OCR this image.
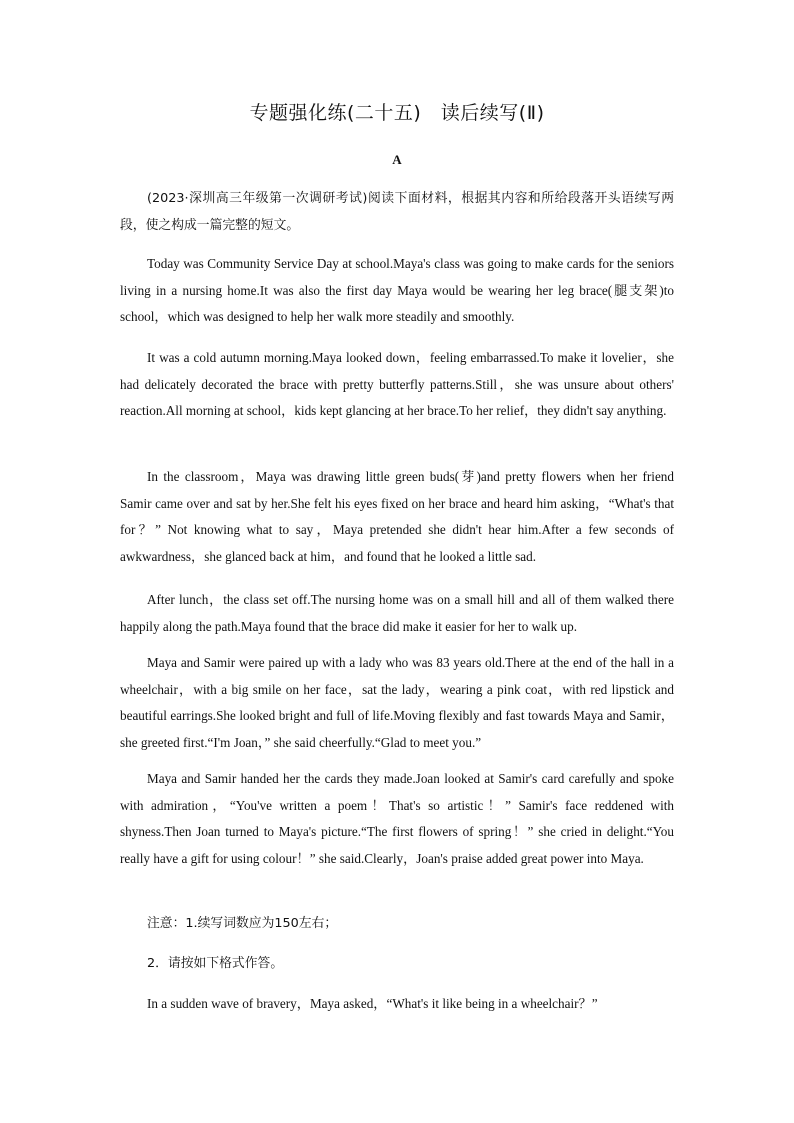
专题强化练(二十五)　读后续写(Ⅱ)
A

(2023·深圳高三年级第一次调研考试)阅读下面材料，根据其内容和所给段落开头语续写两段，使之构成一篇完整的短文。

Today was Community Service Day at school.Maya's class was going to make cards for the seniors living in a nursing home.It was also the first day Maya would be wearing her leg brace(腿支架)to school，which was designed to help her walk more steadily and smoothly.

It was a cold autumn morning.Maya looked down，feeling embarrassed.To make it lovelier，she had delicately decorated the brace with pretty butterfly patterns.Still，she was unsure about others' reaction.All morning at school，kids kept glancing at her brace.To her relief，they didn't say anything.

In the classroom，Maya was drawing little green buds(芽)and pretty flowers when her friend Samir came over and sat by her.She felt his eyes fixed on her brace and heard him asking，“What's that for？” Not knowing what to say，Maya pretended she didn't hear him.After a few seconds of awkwardness，she glanced back at him，and found that he looked a little sad.

After lunch，the class set off.The nursing home was on a small hill and all of them walked there happily along the path.Maya found that the brace did make it easier for her to walk up.

Maya and Samir were paired up with a lady who was 83 years old.There at the end of the hall in a wheelchair，with a big smile on her face，sat the lady，wearing a pink coat，with red lipstick and beautiful earrings.She looked bright and full of life.Moving flexibly and fast towards Maya and Samir，she greeted first.“I'm Joan，” she said cheerfully.“Glad to meet you.”

Maya and Samir handed her the cards they made.Joan looked at Samir's card carefully and spoke with admiration，“You've written a poem！That's so artistic！” Samir's face reddened with shyness.Then Joan turned to Maya's picture.“The first flowers of spring！” she cried in delight.“You really have a gift for using colour！” she said.Clearly，Joan's praise added great power into Maya.

注意：1.续写词数应为150左右；

2．请按如下格式作答。

In a sudden wave of bravery，Maya asked，“What's it like being in a wheelchair？”
